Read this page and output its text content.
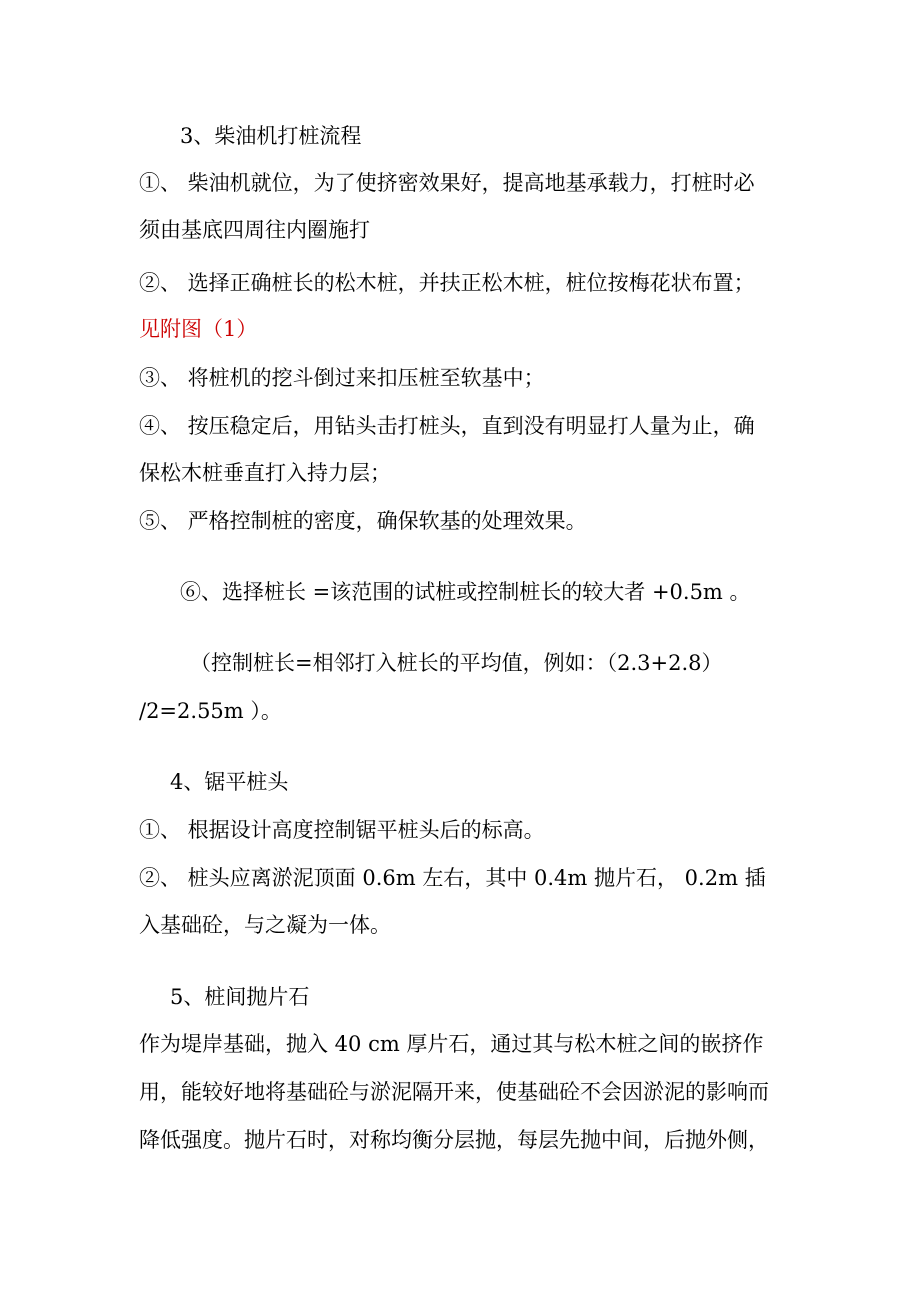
3、柴油机打桩流程
①、 柴油机就位，为了使挤密效果好，提高地基承载力，打桩时必
须由基底四周往内圈施打
②、 选择正确桩长的松木桩，并扶正松木桩，桩位按梅花状布置；
见附图（1）
③、 将桩机的挖斗倒过来扣压桩至软基中；
④、 按压稳定后，用钻头击打桩头，直到没有明显打人量为止，确
保松木桩垂直打入持力层；
⑤、 严格控制桩的密度，确保软基的处理效果。
⑥、选择桩长 =该范围的试桩或控制桩长的较大者 +0.5m 。
（控制桩长=相邻打入桩长的平均值，例如：（2.3+2.8）
/2=2.55m ）。
4、锯平桩头
①、 根据设计高度控制锯平桩头后的标高。
②、 桩头应离淤泥顶面 0.6m 左右，其中 0.4m 抛片石， 0.2m 插
入基础砼，与之凝为一体。
5、桩间抛片石
作为堤岸基础，抛入 40 cm 厚片石，通过其与松木桩之间的嵌挤作
用，能较好地将基础砼与淤泥隔开来，使基础砼不会因淤泥的影响而
降低强度。抛片石时，对称均衡分层抛，每层先抛中间，后抛外侧，
